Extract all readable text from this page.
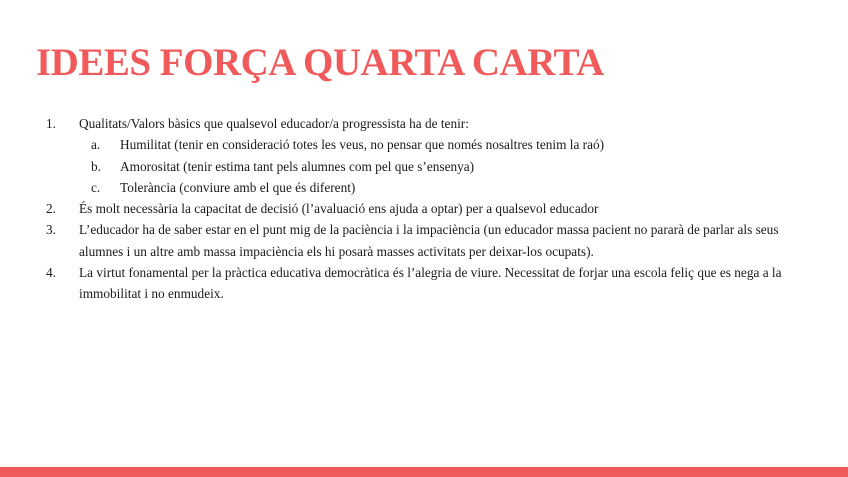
IDEES FORÇA QUARTA CARTA
1. Qualitats/Valors bàsics que qualsevol educador/a progressista ha de tenir:
a. Humilitat (tenir en consideració totes les veus, no pensar que només nosaltres tenim la raó)
b. Amorositat (tenir estima tant pels alumnes com pel que s’ensenya)
c. Tolerància (conviure amb el que és diferent)
2. És molt necessària la capacitat de decisió (l’avaluació ens ajuda a optar) per a qualsevol educador
3. L’educador ha de saber estar en el punt mig de la paciència i la impaciència (un educador massa pacient no pararà de parlar als seus alumnes i un altre amb massa impaciència els hi posarà masses activitats per deixar-los ocupats).
4. La virtut fonamental per la pràctica educativa democràtica és l’alegria de viure. Necessitat de forjar una escola feliç que es nega a la immobilitat i no enmudeix.
